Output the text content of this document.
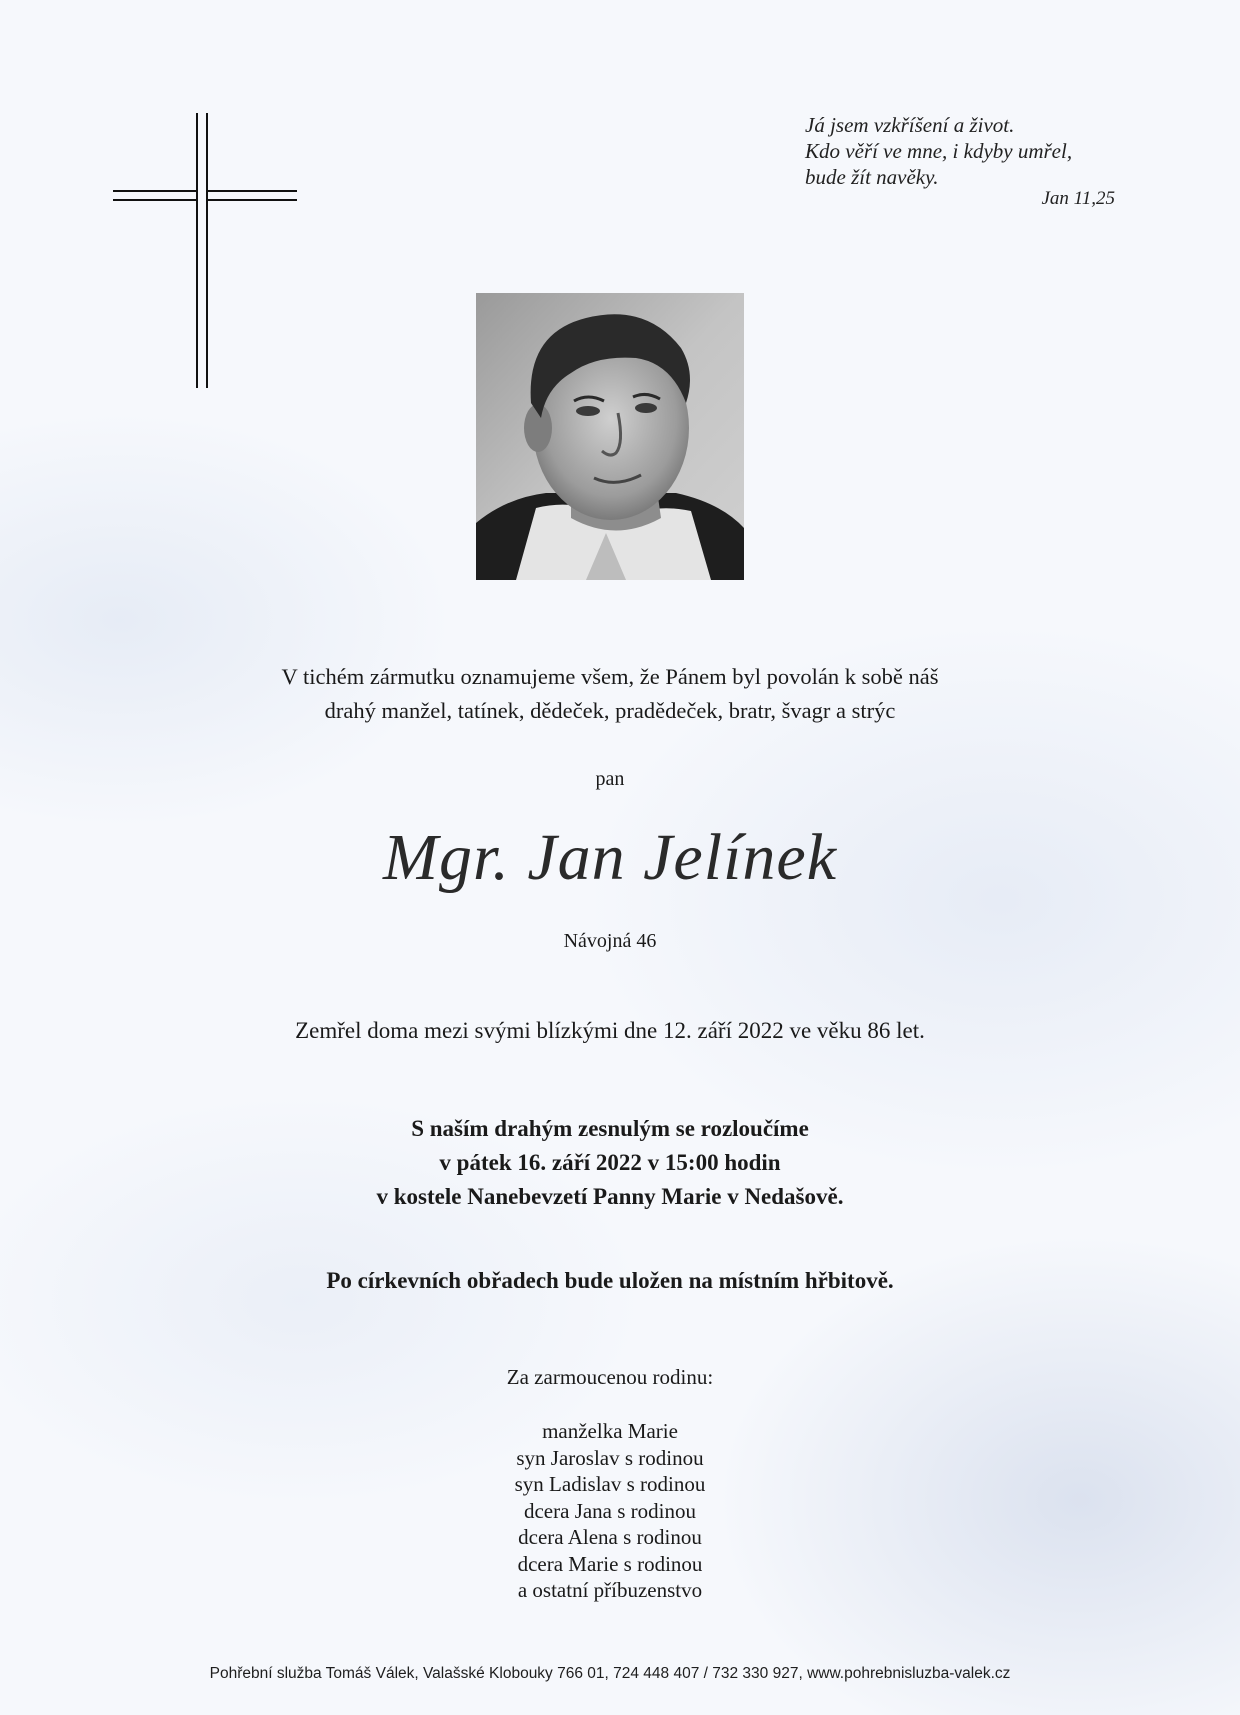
Já jsem vzkříšení a život.
Kdo věří ve mne, i kdyby umřel,
bude žít navěky.
Jan 11,25
V tichém zármutku oznamujeme všem, že Pánem byl povolán k sobě náš
drahý manžel, tatínek, dědeček, pradědeček, bratr, švagr a strýc
pan
Mgr. Jan Jelínek
Návojná 46
Zemřel doma mezi svými blízkými dne 12. září 2022 ve věku 86 let.
S naším drahým zesnulým se rozloučíme
v pátek 16. září 2022 v 15:00 hodin
v kostele Nanebevzetí Panny Marie v Nedašově.
Po církevních obřadech bude uložen na místním hřbitově.
Za zarmoucenou rodinu:
manželka Marie
syn Jaroslav s rodinou
syn Ladislav s rodinou
dcera Jana s rodinou
dcera Alena s rodinou
dcera Marie s rodinou
a ostatní příbuzenstvo
Pohřební služba Tomáš Válek, Valašské Klobouky 766 01, 724 448 407 / 732 330 927, www.pohrebnisluzba-valek.cz
